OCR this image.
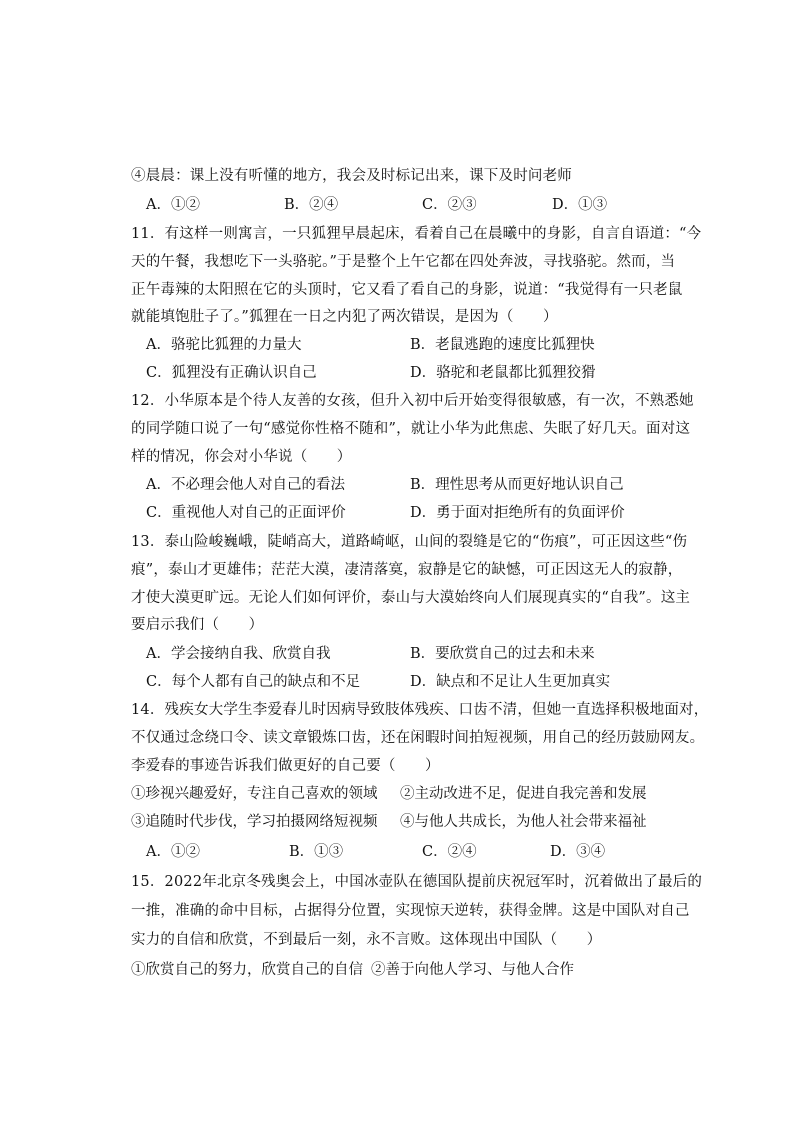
④晨晨：课上没有听懂的地方，我会及时标记出来，课下及时问老师
A．①②	B．②④	C．②③	D．①③
11．有这样一则寓言，一只狐狸早晨起床，看着自己在晨曦中的身影，自言自语道：“今
天的午餐，我想吃下一头骆驼。”于是整个上午它都在四处奔波，寻找骆驼。然而，当
正午毒辣的太阳照在它的头顶时，它又看了看自己的身影，说道：“我觉得有一只老鼠
就能填饱肚子了。”狐狸在一日之内犯了两次错误，是因为（　　）
A．骆驼比狐狸的力量大	B．老鼠逃跑的速度比狐狸快
C．狐狸没有正确认识自己	D．骆驼和老鼠都比狐狸狡猾
12．小华原本是个待人友善的女孩，但升入初中后开始变得很敏感，有一次，不熟悉她
的同学随口说了一句“感觉你性格不随和”，就让小华为此焦虑、失眠了好几天。面对这
样的情况，你会对小华说（　　）
A．不必理会他人对自己的看法	B．理性思考从而更好地认识自己
C．重视他人对自己的正面评价	D．勇于面对拒绝所有的负面评价
13．泰山险峻巍峨，陡峭高大，道路崎岖，山间的裂缝是它的“伤痕”，可正因这些“伤
痕”，泰山才更雄伟；茫茫大漠，凄清落寞，寂静是它的缺憾，可正因这无人的寂静，
才使大漠更旷远。无论人们如何评价，泰山与大漠始终向人们展现真实的“自我”。这主
要启示我们（　　）
A．学会接纳自我、欣赏自我	B．要欣赏自己的过去和未来
C．每个人都有自己的缺点和不足	D．缺点和不足让人生更加真实
14．残疾女大学生李爱春儿时因病导致肢体残疾、口齿不清，但她一直选择积极地面对，
不仅通过念绕口令、读文章锻炼口齿，还在闲暇时间拍短视频，用自己的经历鼓励网友。
李爱春的事迹告诉我们做更好的自己要（　　）
①珍视兴趣爱好，专注自己喜欢的领域 ②主动改进不足，促进自我完善和发展
③追随时代步伐，学习拍摄网络短视频 ④与他人共成长，为他人社会带来福祉
A．①②	B．①③	C．②④	D．③④
15．2022年北京冬残奥会上，中国冰壶队在德国队提前庆祝冠军时，沉着做出了最后的
一推，准确的命中目标，占据得分位置，实现惊天逆转，获得金牌。这是中国队对自己
实力的自信和欣赏，不到最后一刻，永不言败。这体现出中国队（　　）
①欣赏自己的努力，欣赏自己的自信 ②善于向他人学习、与他人合作
